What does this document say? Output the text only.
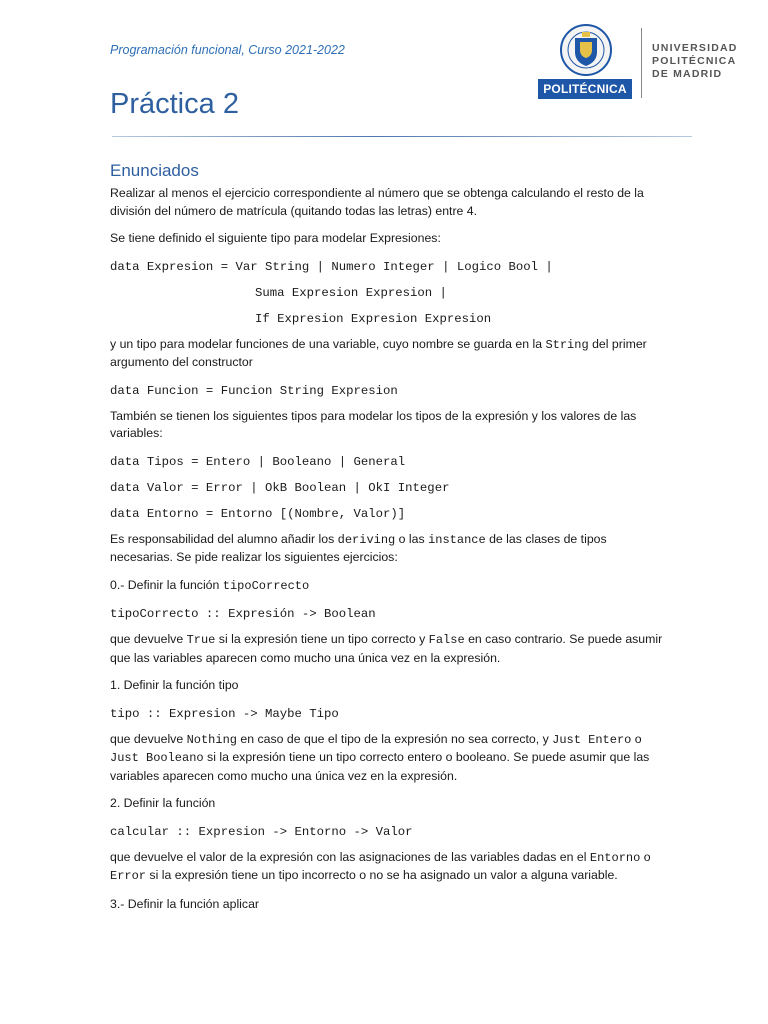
Programación funcional, Curso 2021-2022
POLITÉCNICA
UNIVERSIDAD
POLITÉCNICA
DE MADRID
Práctica 2
Enunciados

Realizar al menos el ejercicio correspondiente al número que se obtenga calculando el resto de la división del número de matrícula (quitando todas las letras) entre 4.

Se tiene definido el siguiente tipo para modelar Expresiones:

data Expresion = Var String | Numero Integer | Logico Bool |
Suma Expresion Expresion |
If Expresion Expresion Expresion

y un tipo para modelar funciones de una variable, cuyo nombre se guarda en la String del primer argumento del constructor

data Funcion = Funcion String Expresion

También se tienen los siguientes tipos para modelar los tipos de la expresión y los valores de las variables:

data Tipos = Entero | Booleano | General
data Valor = Error | OkB Boolean | OkI Integer
data Entorno = Entorno [(Nombre, Valor)]

Es responsabilidad del alumno añadir los deriving o las instance de las clases de tipos necesarias. Se pide realizar los siguientes ejercicios:

0.- Definir la función tipoCorrecto

tipoCorrecto :: Expresión -> Boolean

que devuelve True si la expresión tiene un tipo correcto y False en caso contrario. Se puede asumir que las variables aparecen como mucho una única vez en la expresión.

1. Definir la función tipo

tipo :: Expresion -> Maybe Tipo

que devuelve Nothing en caso de que el tipo de la expresión no sea correcto, y Just Entero o Just Booleano si la expresión tiene un tipo correcto entero o booleano. Se puede asumir que las variables aparecen como mucho una única vez en la expresión.

2. Definir la función

calcular :: Expresion -> Entorno -> Valor

que devuelve el valor de la expresión con las asignaciones de las variables dadas en el Entorno o Error si la expresión tiene un tipo incorrecto o no se ha asignado un valor a alguna variable.

3.- Definir la función aplicar
